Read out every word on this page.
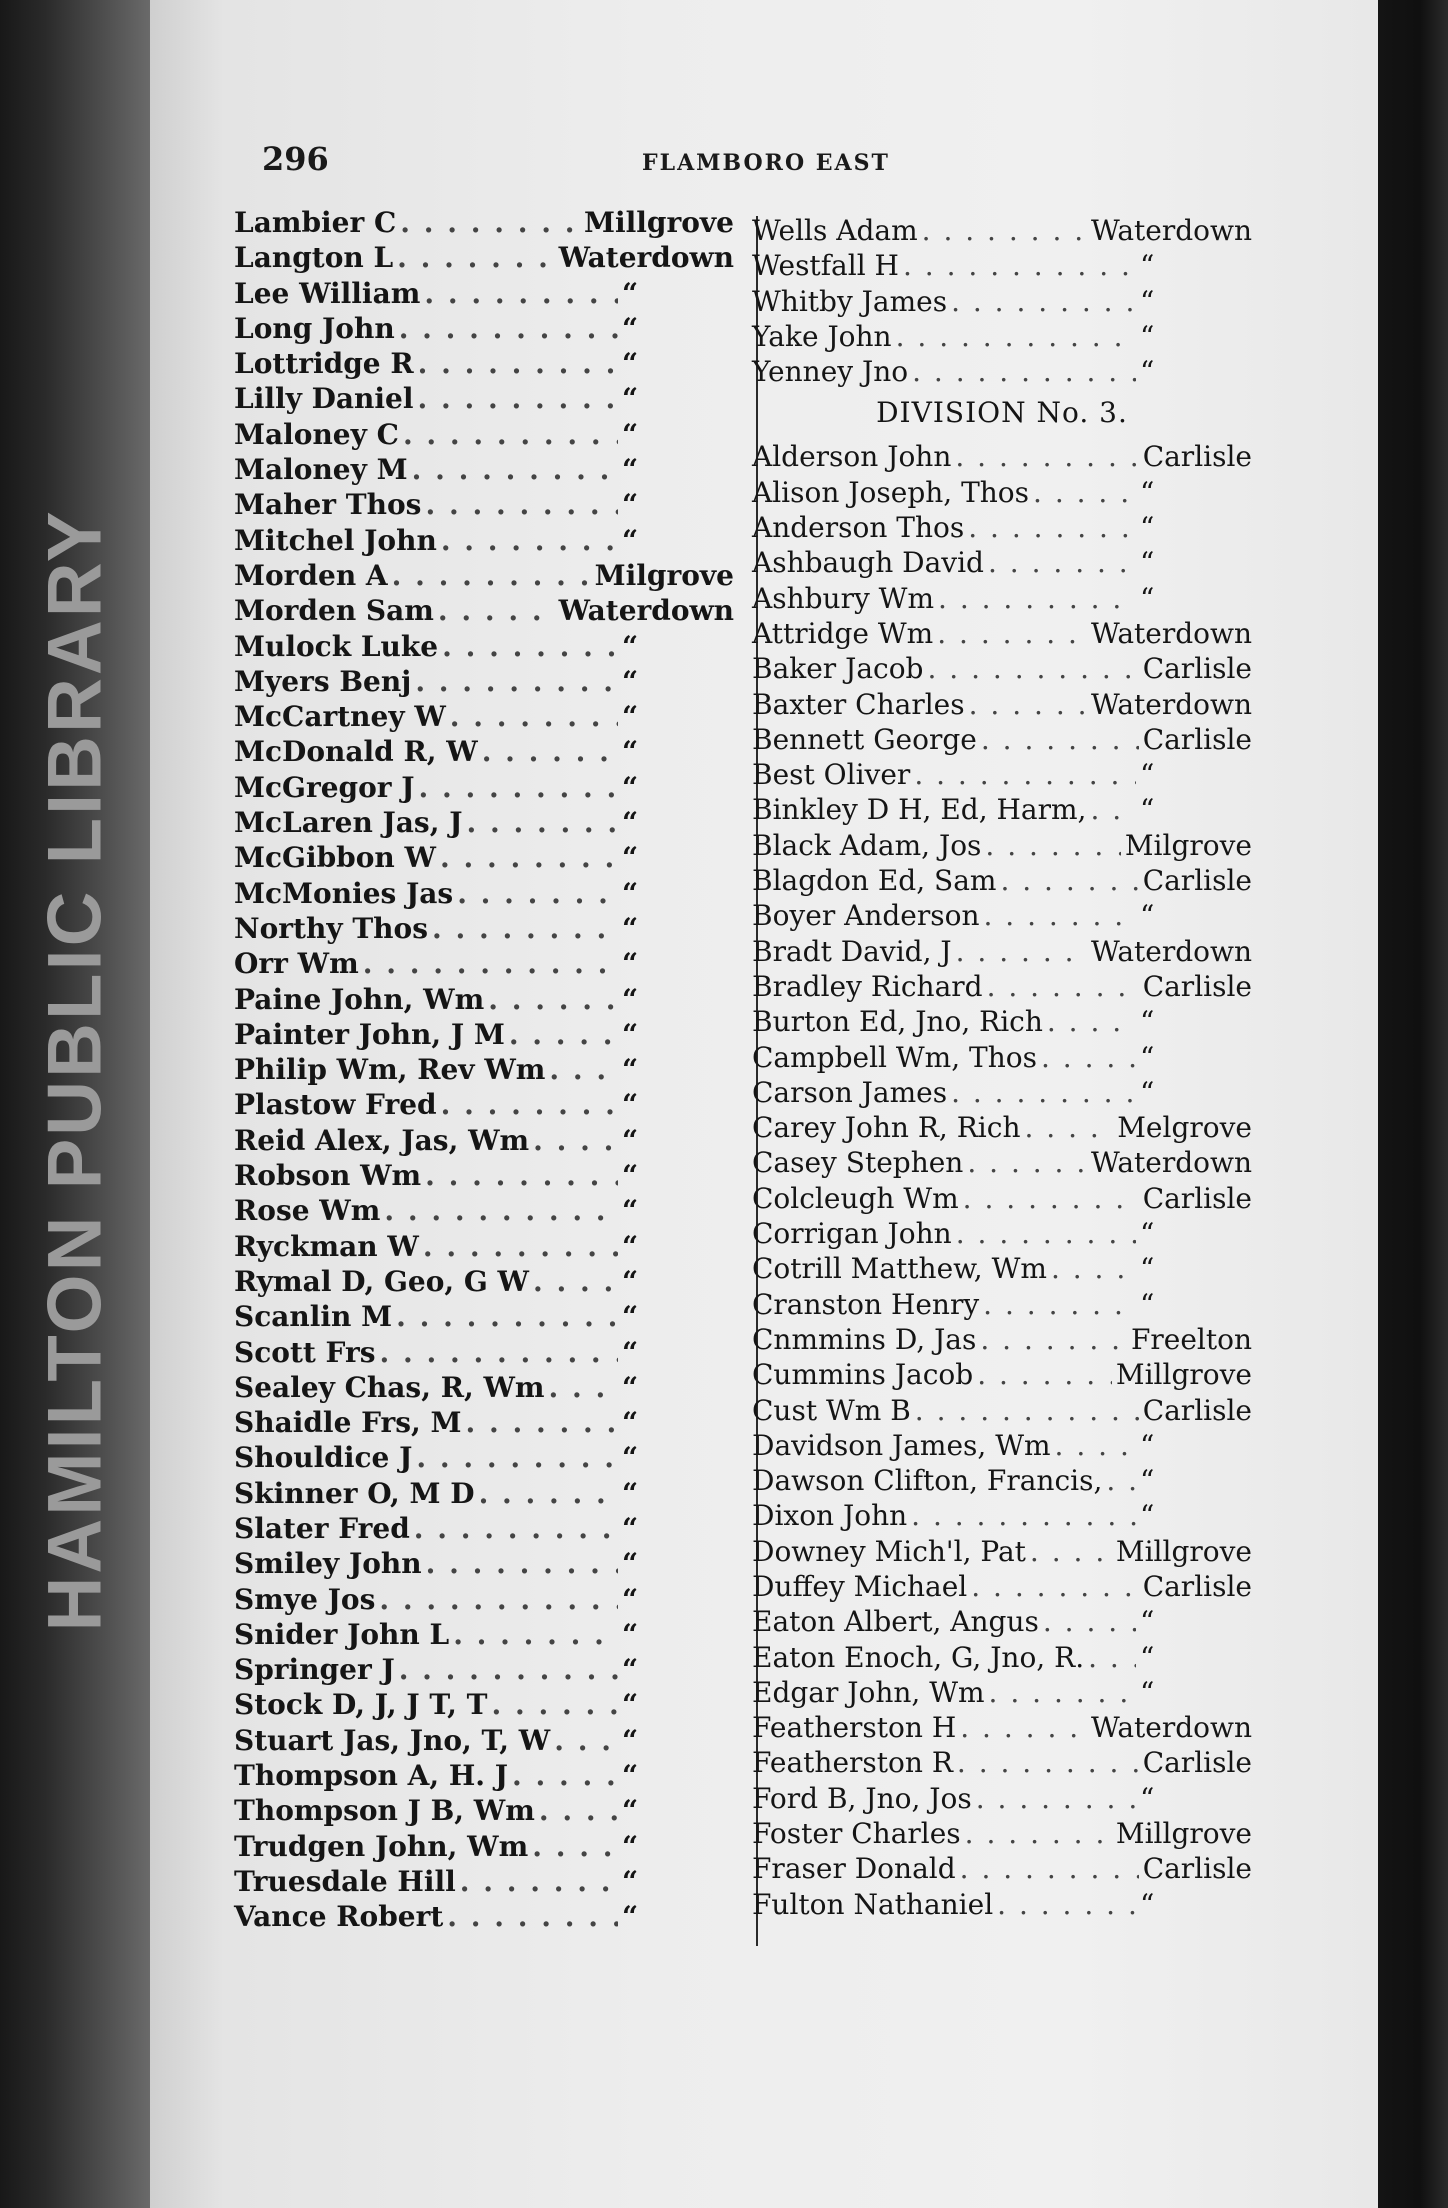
HAMILTON PUBLIC LIBRARY
296	FLAMBORO EAST
Lambier C . . .	Millgrove
Langton L . . .	Waterdown
Lee William . . .	“
Long John . . .	“
Lottridge R . . .	“
Lilly Daniel . . .	“
Maloney C . . .	“
Maloney M . . .	“
Maher Thos . . .	“
Mitchel John . . .	“
Morden A . . .	Milgrove
Morden Sam . . .	Waterdown
Mulock Luke . . .	“
Myers Benj . . .	“
McCartney W . . .	“
McDonald R, W . . .	“
McGregor J . . .	“
McLaren Jas, J . . .	“
McGibbon W . . .	“
McMonies Jas . . .	“
Northy Thos . . .	“
Orr Wm . . .	“
Paine John, Wm . . .	“
Painter John, J M . . .	“
Philip Wm, Rev Wm . . .	“
Plastow Fred . . .	“
Reid Alex, Jas, Wm . . .	“
Robson Wm . . .	“
Rose Wm . . .	“
Ryckman W . . .	“
Rymal D, Geo, G W . . .	“
Scanlin M . . .	“
Scott Frs . . .	“
Sealey Chas, R, Wm . . .	“
Shaidle Frs, M . . .	“
Shouldice J . . .	“
Skinner O, M D . . .	“
Slater Fred . . .	“
Smiley John . . .	“
Smye Jos . . .	“
Snider John L . . .	“
Springer J . . .	“
Stock D, J, J T, T . . .	“
Stuart Jas, Jno, T, W . . .	“
Thompson A, H. J . . .	“
Thompson J B, Wm . . .	“
Trudgen John, Wm . . .	“
Truesdale Hill . . .	“
Vance Robert . . .	“
Wells Adam . . .	Waterdown
Westfall H . . .	“
Whitby James . . .	“
Yake John . . .	“
Yenney Jno . . .	“
DIVISION No. 3.
Alderson John . . .	Carlisle
Alison Joseph, Thos . . .	“
Anderson Thos . . .	“
Ashbaugh David . . .	“
Ashbury Wm . . .	“
Attridge Wm . . .	Waterdown
Baker Jacob . . .	Carlisle
Baxter Charles . . .	Waterdown
Bennett George . . .	Carlisle
Best Oliver . . .	“
Binkley D H, Ed, Harm, . . . “
Black Adam, Jos . . .	Milgrove
Blagdon Ed, Sam . . .	Carlisle
Boyer Anderson . . .	“
Bradt David, J . . .	Waterdown
Bradley Richard . . .	Carlisle
Burton Ed, Jno, Rich . . .	“
Campbell Wm, Thos . . .	“
Carson James . . .	“
Carey John R, Rich . . .	Melgrove
Casey Stephen . . .	Waterdown
Colcleugh Wm . . .	Carlisle
Corrigan John . . .	“
Cotrill Matthew, Wm . . .	“
Cranston Henry . . .	“
Cnmmins D, Jas . . .	Freelton
Cummins Jacob . . .	Millgrove
Cust Wm B . . .	Carlisle
Davidson James, Wm . . .	“
Dawson Clifton, Francis, . . . “
Dixon John . . .	“
Downey Mich'l, Pat . . .	Millgrove
Duffey Michael . . .	Carlisle
Eaton Albert, Angus . . .	“
Eaton Enoch, G, Jno, R. . . . “
Edgar John, Wm . . .	“
Featherston H . . .	Waterdown
Featherston R . . .	Carlisle
Ford B, Jno, Jos . . .	“
Foster Charles . . .	Millgrove
Fraser Donald . . .	Carlisle
Fulton Nathaniel . . .	“
